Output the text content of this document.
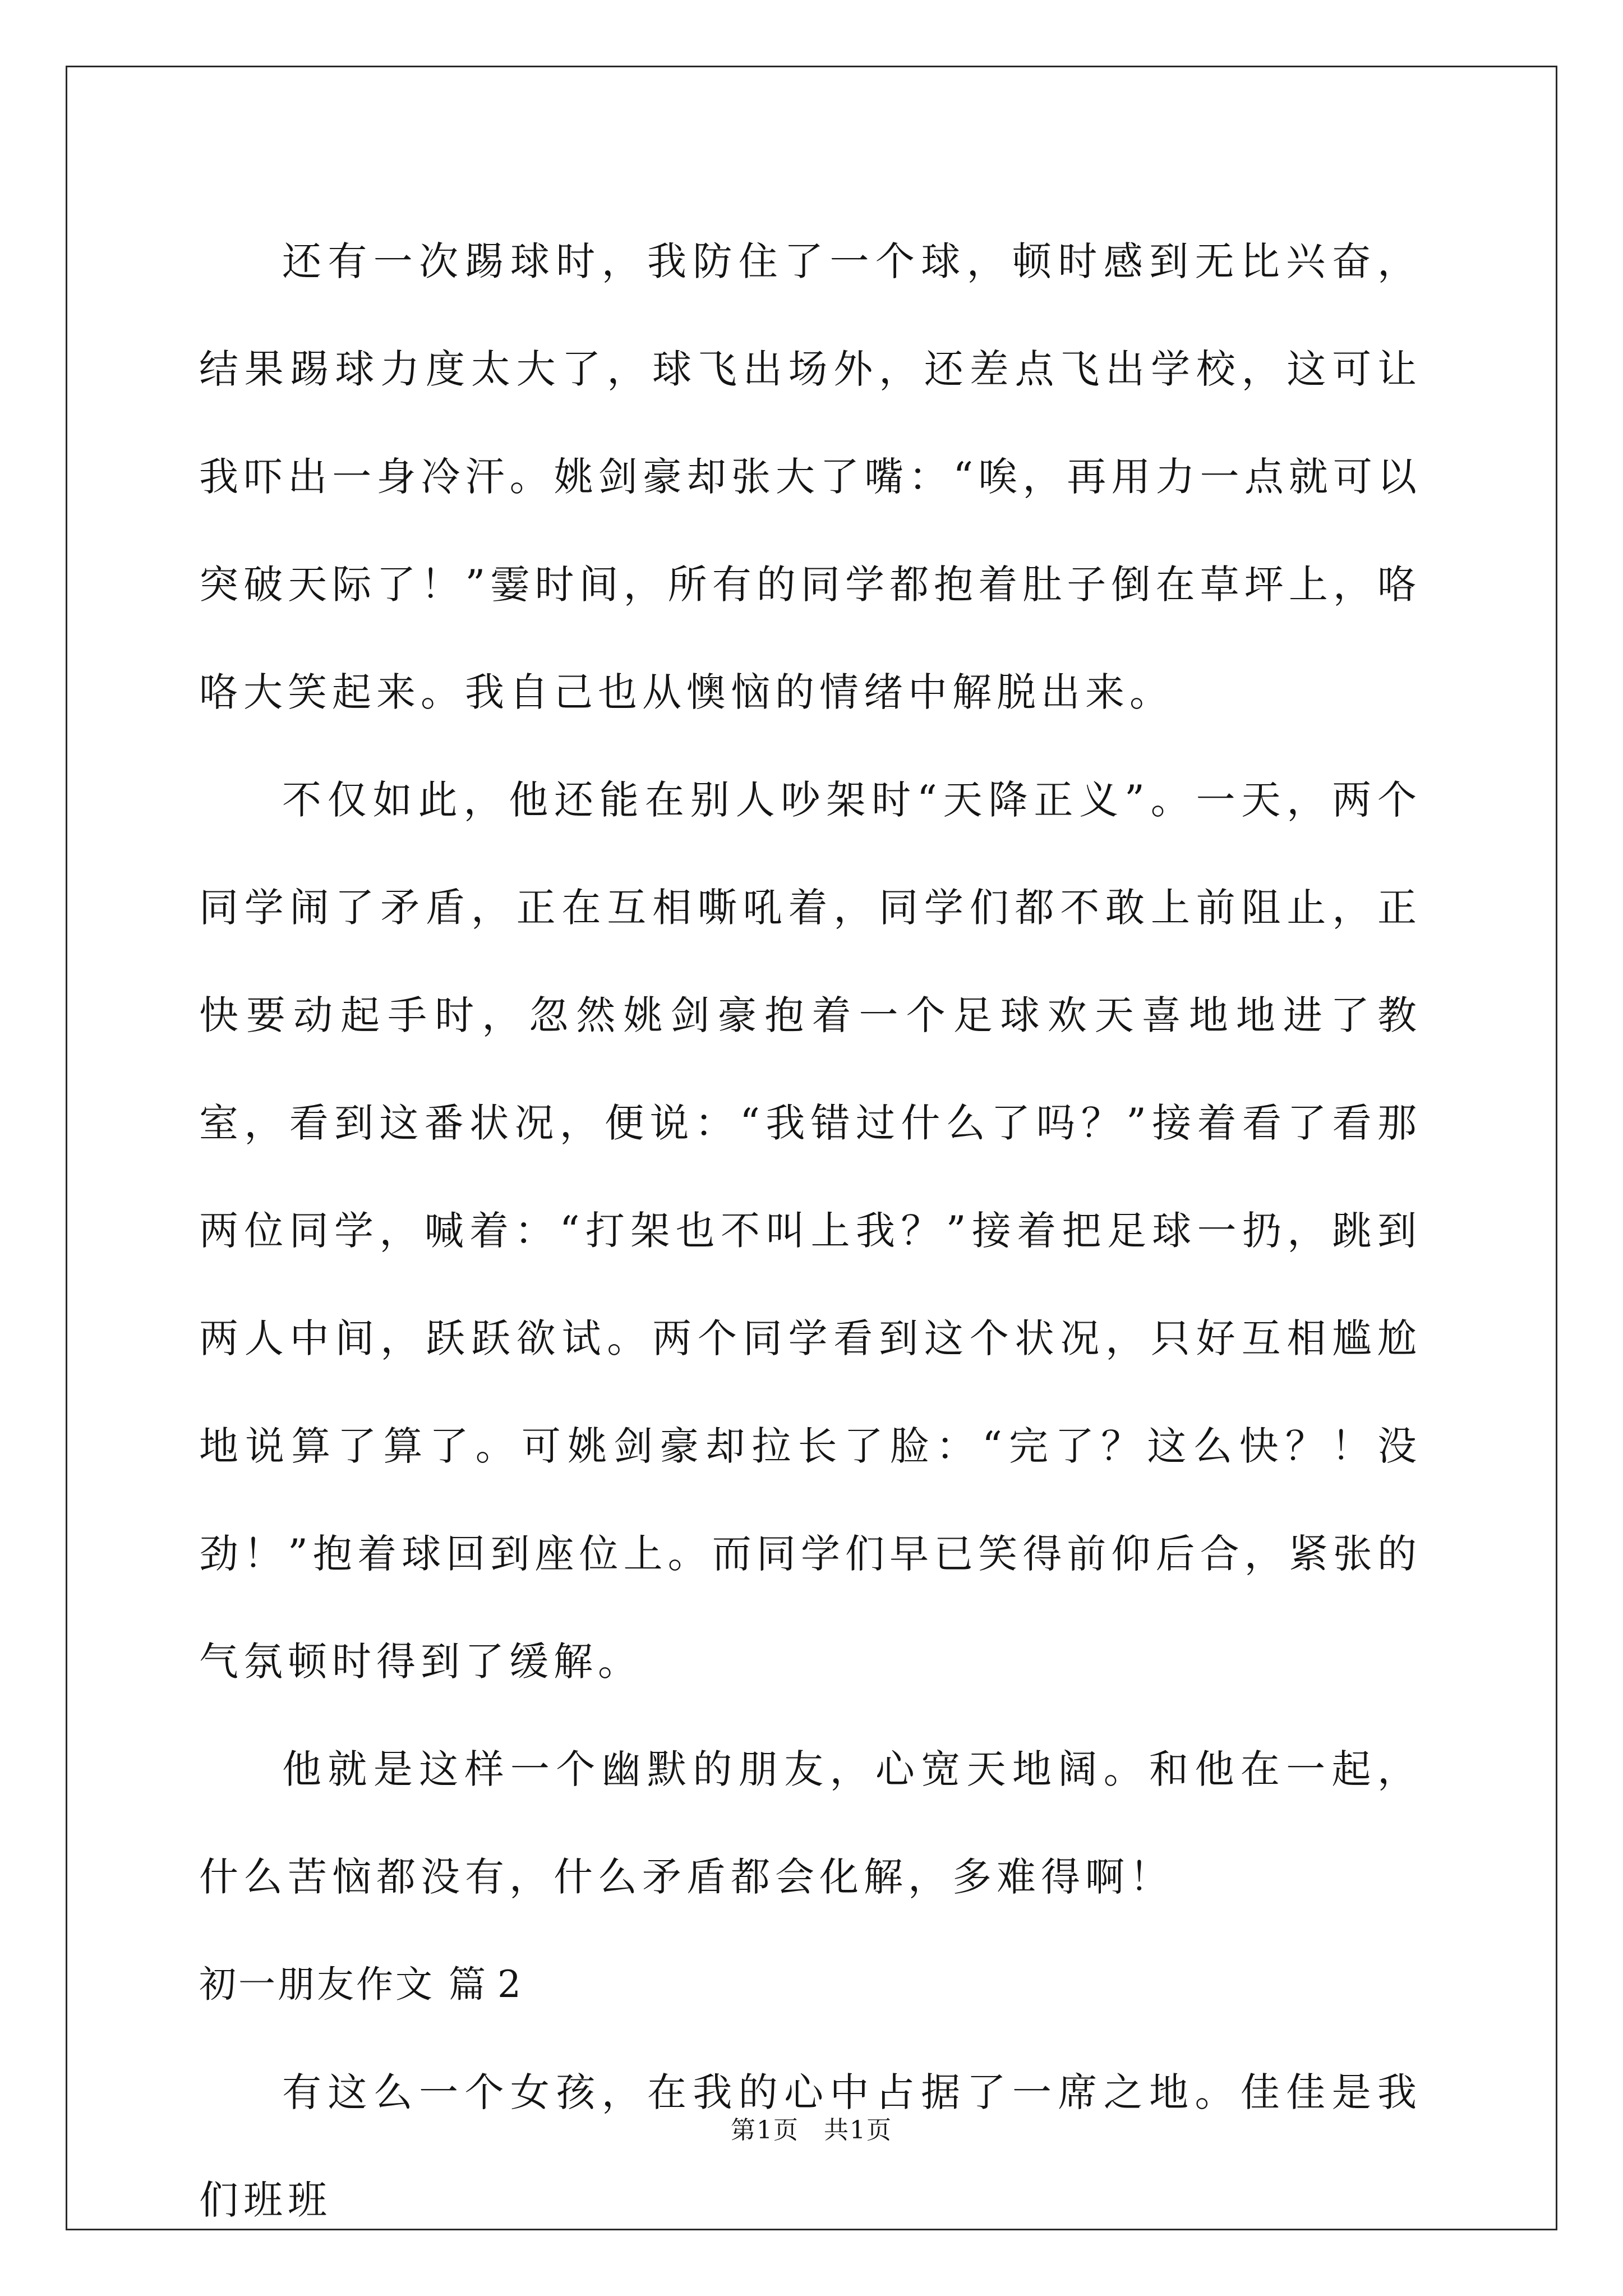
还有一次踢球时，我防住了一个球，顿时感到无比兴奋，结果踢球力度太大了，球飞出场外，还差点飞出学校，这可让我吓出一身冷汗。姚剑豪却张大了嘴：“唉，再用力一点就可以突破天际了！”霎时间，所有的同学都抱着肚子倒在草坪上，咯咯大笑起来。我自己也从懊恼的情绪中解脱出来。

不仅如此，他还能在别人吵架时“天降正义”。一天，两个同学闹了矛盾，正在互相嘶吼着，同学们都不敢上前阻止，正快要动起手时，忽然姚剑豪抱着一个足球欢天喜地地进了教室，看到这番状况，便说：“我错过什么了吗？”接着看了看那两位同学，喊着：“打架也不叫上我？”接着把足球一扔，跳到两人中间，跃跃欲试。两个同学看到这个状况，只好互相尴尬地说算了算了。可姚剑豪却拉长了脸：“完了？这么快？！没劲！”抱着球回到座位上。而同学们早已笑得前仰后合，紧张的气氛顿时得到了缓解。

他就是这样一个幽默的朋友，心宽天地阔。和他在一起，什么苦恼都没有，什么矛盾都会化解，多难得啊！

初一朋友作文 篇 2

有这么一个女孩，在我的心中占据了一席之地。佳佳是我们班班

第1页 共1页
